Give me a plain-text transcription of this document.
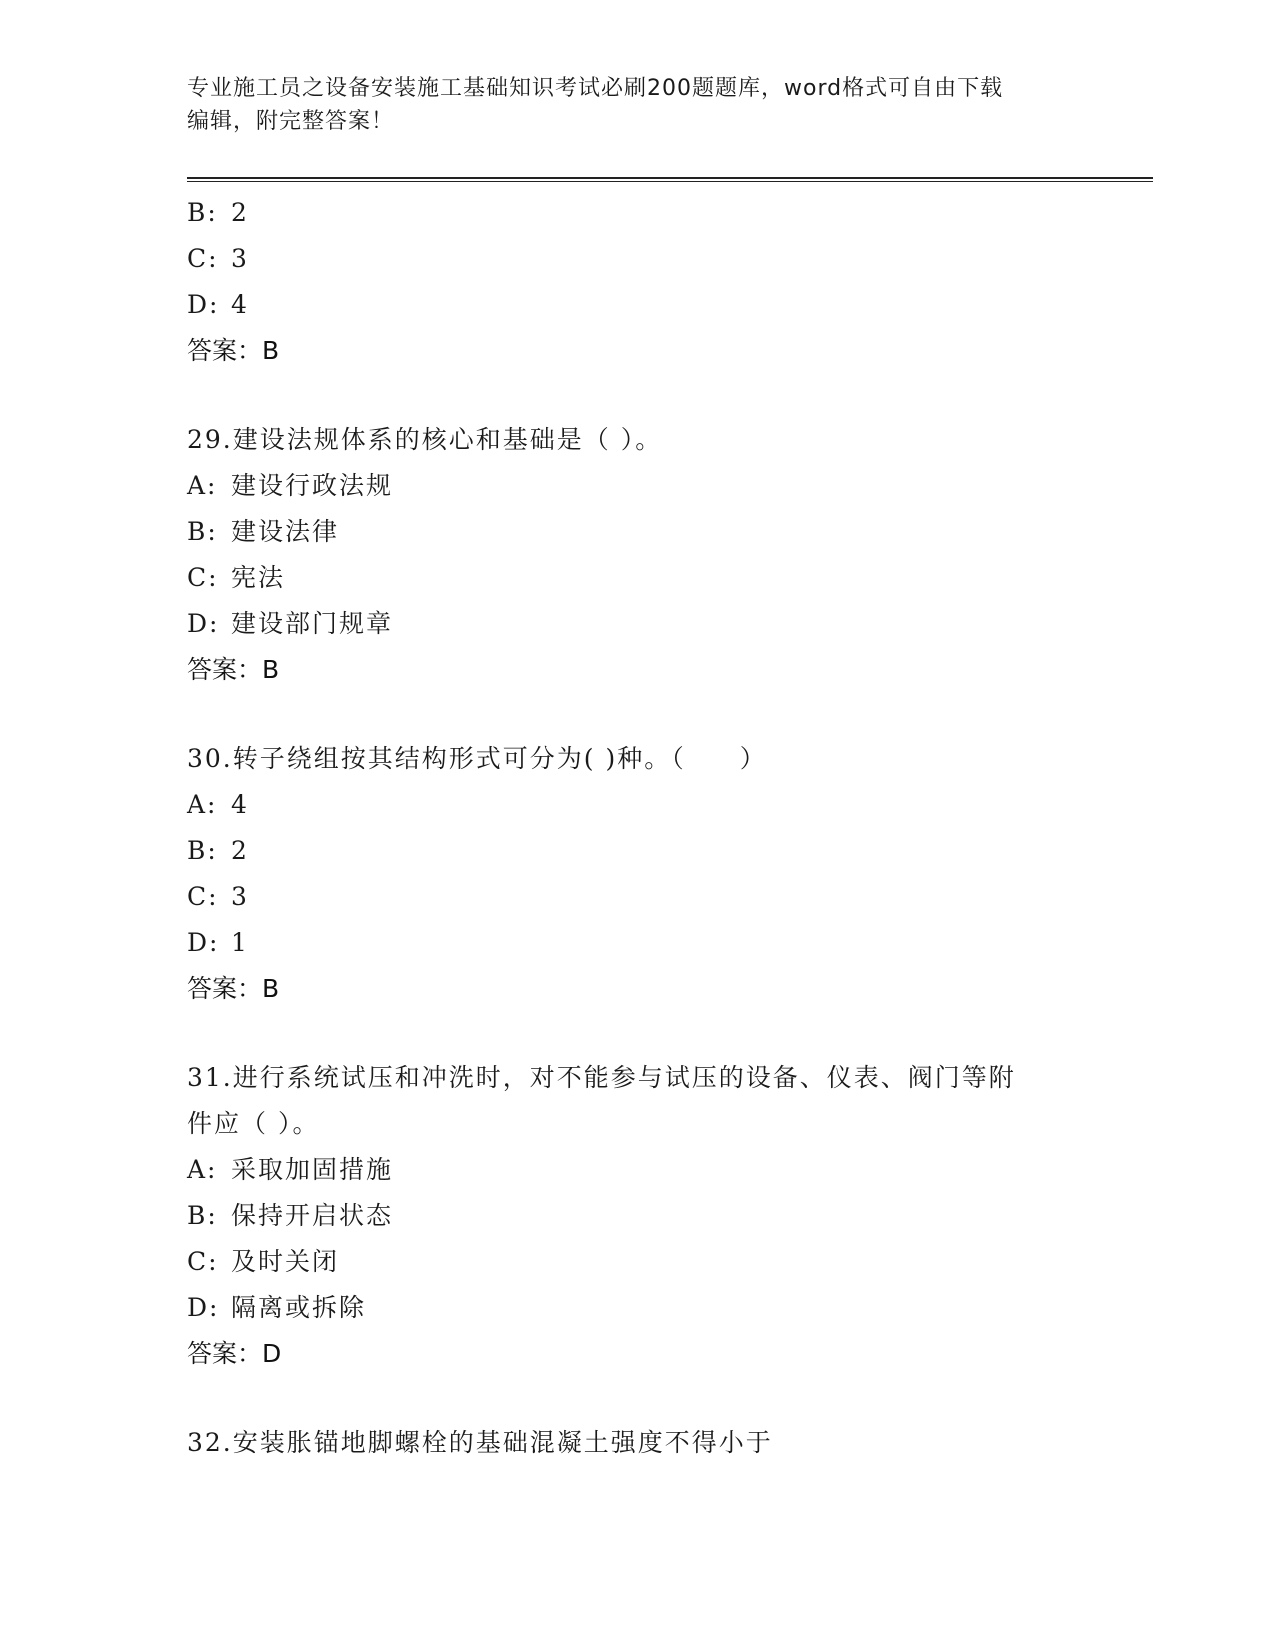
专业施工员之设备安装施工基础知识考试必刷200题题库，word格式可自由下载
编辑，附完整答案！
B: 2
C: 3
D: 4
答案：B
29.建设法规体系的核心和基础是（ ）。
A: 建设行政法规
B: 建设法律
C: 宪法
D: 建设部门规章
答案：B
30.转子绕组按其结构形式可分为( )种。（　　）
A: 4
B: 2
C: 3
D: 1
答案：B
31.进行系统试压和冲洗时，对不能参与试压的设备、仪表、阀门等附
件应（ ）。
A: 采取加固措施
B: 保持开启状态
C: 及时关闭
D: 隔离或拆除
答案：D
32.安装胀锚地脚螺栓的基础混凝土强度不得小于
